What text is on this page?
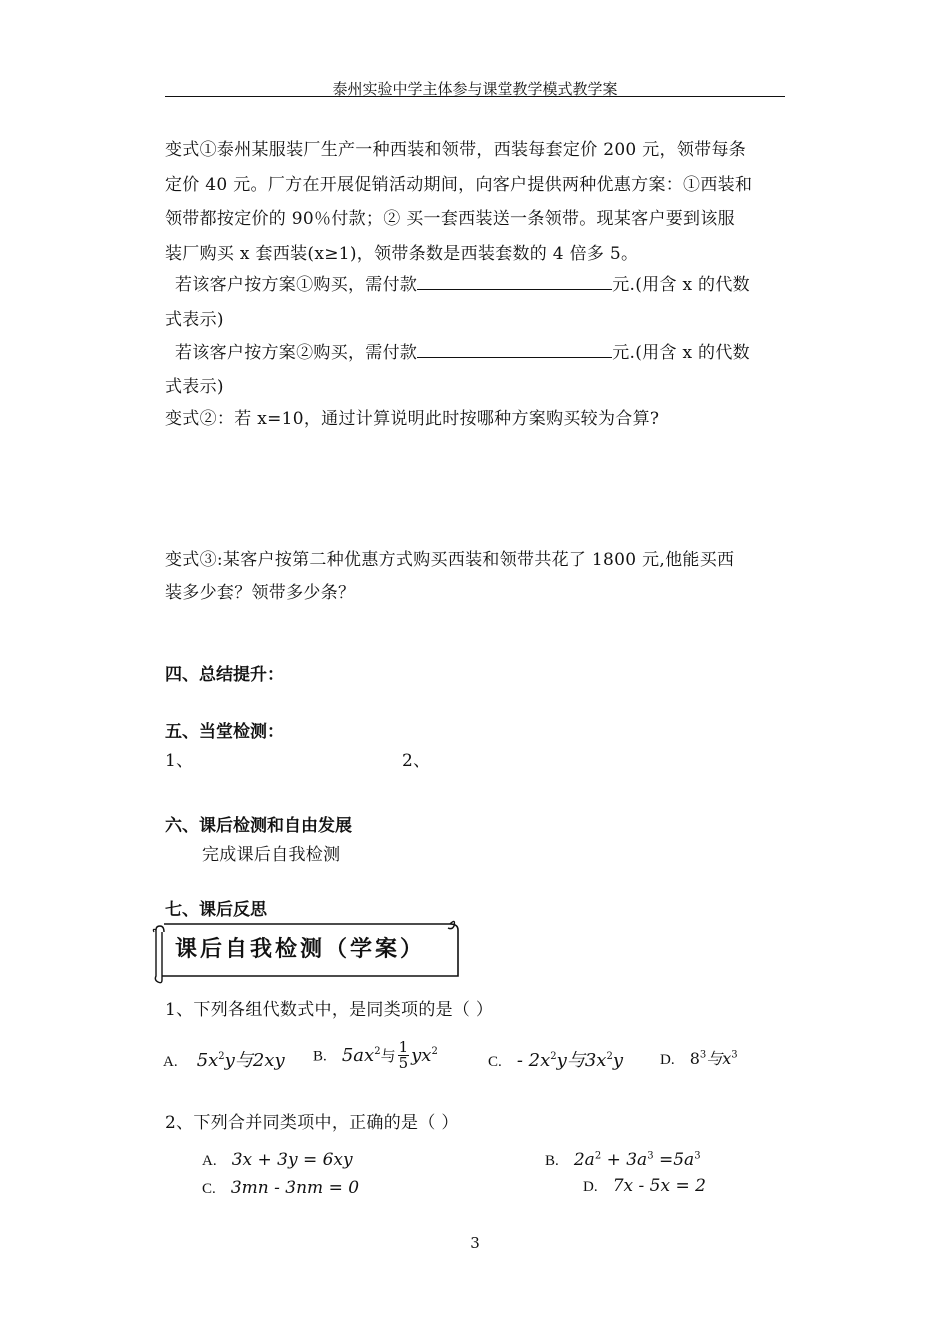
泰州实验中学主体参与课堂教学模式教学案
变式①泰州某服装厂生产一种西装和领带，西装每套定价 200 元，领带每条
定价 40 元。厂方在开展促销活动期间，向客户提供两种优惠方案：①西装和
领带都按定价的 90％付款；② 买一套西装送一条领带。现某客户要到该服
装厂购买 x 套西装(x≥1)，领带条数是西装套数的 4 倍多 5。
若该客户按方案①购买，需付款	元.(用含 x 的代数
式表示)
若该客户按方案②购买，需付款	元.(用含 x 的代数
式表示)
变式②：若 x=10，通过计算说明此时按哪种方案购买较为合算?
变式③:某客户按第二种优惠方式购买西装和领带共花了 1800 元,他能买西
装多少套？领带多少条？
四、总结提升：
五、当堂检测：
1、	2、
六、课后检测和自由发展
完成课后自我检测
七、课后反思
课后自我检测（学案）
1、下列各组代数式中，是同类项的是（ ）
A. $5x^2y$与2xy B. $5ax^2$与 $\frac{1}{5} yx^2$
C. - $2x^2y$与$3x^2y$ D. $8^3$与$x^3$
2、下列合并同类项中，正确的是（ ）
A. 3x + 3y = 6xy	B. $2a^2 + 3a^3 =5a^3$
C. 3mn - 3nm = 0	D. 7x - 5x = 2
3
